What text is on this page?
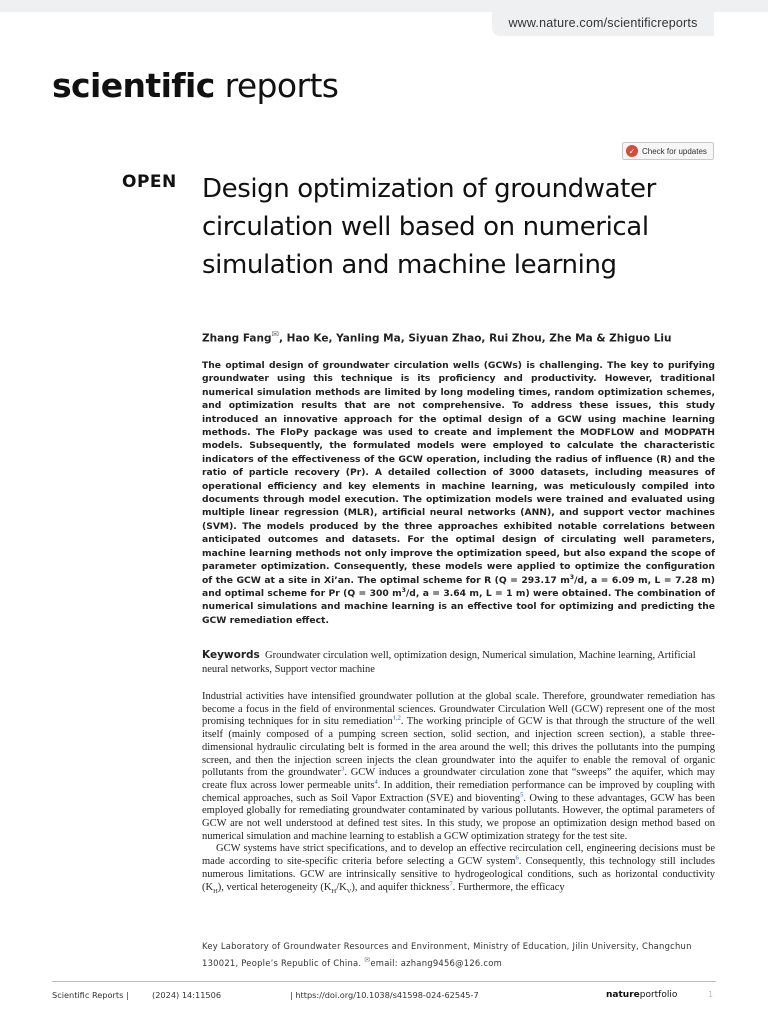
www.nature.com/scientificreports
scientific reports
✓ Check for updates
OPEN Design optimization of groundwater circulation well based on numerical simulation and machine learning
Zhang Fang✉, Hao Ke, Yanling Ma, Siyuan Zhao, Rui Zhou, Zhe Ma & Zhiguo Liu

The optimal design of groundwater circulation wells (GCWs) is challenging. The key to purifying groundwater using this technique is its proficiency and productivity. However, traditional numerical simulation methods are limited by long modeling times, random optimization schemes, and optimization results that are not comprehensive. To address these issues, this study introduced an innovative approach for the optimal design of a GCW using machine learning methods. The FloPy package was used to create and implement the MODFLOW and MODPATH models. Subsequently, the formulated models were employed to calculate the characteristic indicators of the effectiveness of the GCW operation, including the radius of influence (R) and the ratio of particle recovery (Pr). A detailed collection of 3000 datasets, including measures of operational efficiency and key elements in machine learning, was meticulously compiled into documents through model execution. The optimization models were trained and evaluated using multiple linear regression (MLR), artificial neural networks (ANN), and support vector machines (SVM). The models produced by the three approaches exhibited notable correlations between anticipated outcomes and datasets. For the optimal design of circulating well parameters, machine learning methods not only improve the optimization speed, but also expand the scope of parameter optimization. Consequently, these models were applied to optimize the configuration of the GCW at a site in Xi’an. The optimal scheme for R (Q = 293.17 $m^3/d$, a = 6.09 m, L = 7.28 m) and optimal scheme for Pr (Q = 300 $m^3/d$, a = 3.64 m, L = 1 m) were obtained. The combination of numerical simulations and machine learning is an effective tool for optimizing and predicting the GCW remediation effect.

Keywords Groundwater circulation well, optimization design, Numerical simulation, Machine learning, Artificial neural networks, Support vector machine

Industrial activities have intensified groundwater pollution at the global scale. Therefore, groundwater remediation has become a focus in the field of environmental sciences. Groundwater Circulation Well (GCW) represent one of the most promising techniques for in situ remediation$^{1,2}$. The working principle of GCW is that through the structure of the well itself (mainly composed of a pumping screen section, solid section, and injection screen section), a stable three-dimensional hydraulic circulating belt is formed in the area around the well; this drives the pollutants into the pumping screen, and then the injection screen injects the clean groundwater into the aquifer to enable the removal of organic pollutants from the groundwater$^3$. GCW induces a groundwater circulation zone that “sweeps” the aquifer, which may create flux across lower permeable units$^4$. In addition, their remediation performance can be improved by coupling with chemical approaches, such as Soil Vapor Extraction (SVE) and bioventing$^5$. Owing to these advantages, GCW has been employed globally for remediating groundwater contaminated by various pollutants. However, the optimal parameters of GCW are not well understood at defined test sites. In this study, we propose an optimization design method based on numerical simulation and machine learning to establish a GCW optimization strategy for the test site.

GCW systems have strict specifications, and to develop an effective recirculation cell, engineering decisions must be made according to site-specific criteria before selecting a GCW system$^6$. Consequently, this technology still includes numerous limitations. GCW are intrinsically sensitive to hydrogeological conditions, such as horizontal conductivity $(K_H)$, vertical heterogeneity $(K_H/K_V)$, and aquifer thickness$^7$. Furthermore, the efficacy

Key Laboratory of Groundwater Resources and Environment, Ministry of Education, Jilin University, Changchun 130021, People’s Republic of China. ✉email: azhang9456@126.com

Scientific Reports |	(2024) 14:11506	| https://doi.org/10.1038/s41598-024-62545-7	natureportfolio	1
